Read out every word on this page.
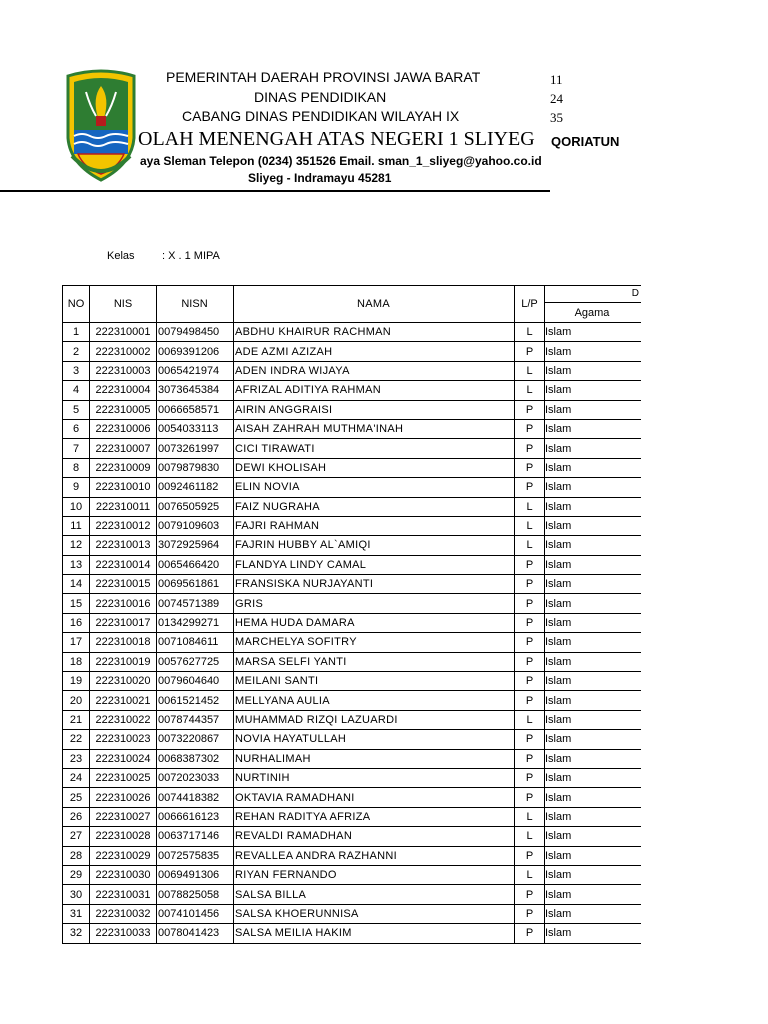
PEMERINTAH DAERAH PROVINSI JAWA BARAT
DINAS PENDIDIKAN
CABANG DINAS PENDIDIKAN WILAYAH IX
OLAH MENENGAH ATAS NEGERI 1 SLIYEG
aya Sleman Telepon (0234) 351526 Email. sman_1_sliyeg@yahoo.co.id
Sliyeg - Indramayu 45281
11
24
35
QORIATUN
Kelas : X . 1 MIPA
NO	NIS	NISN	NAMA	L/P	D
					Agama
1	222310001	0079498450	ABDHU KHAIRUR RACHMAN	L	Islam
2	222310002	0069391206	ADE AZMI AZIZAH	P	Islam
3	222310003	0065421974	ADEN INDRA WIJAYA	L	Islam
4	222310004	3073645384	AFRIZAL ADITIYA RAHMAN	L	Islam
5	222310005	0066658571	AIRIN ANGGRAISI	P	Islam
6	222310006	0054033113	AISAH ZAHRAH MUTHMA'INAH	P	Islam
7	222310007	0073261997	CICI TIRAWATI	P	Islam
8	222310009	0079879830	DEWI KHOLISAH	P	Islam
9	222310010	0092461182	ELIN NOVIA	P	Islam
10	222310011	0076505925	FAIZ NUGRAHA	L	Islam
11	222310012	0079109603	FAJRI RAHMAN	L	Islam
12	222310013	3072925964	FAJRIN HUBBY AL`AMIQI	L	Islam
13	222310014	0065466420	FLANDYA LINDY CAMAL	P	Islam
14	222310015	0069561861	FRANSISKA NURJAYANTI	P	Islam
15	222310016	0074571389	GRIS	P	Islam
16	222310017	0134299271	HEMA HUDA DAMARA	P	Islam
17	222310018	0071084611	MARCHELYA SOFITRY	P	Islam
18	222310019	0057627725	MARSA SELFI YANTI	P	Islam
19	222310020	0079604640	MEILANI SANTI	P	Islam
20	222310021	0061521452	MELLYANA AULIA	P	Islam
21	222310022	0078744357	MUHAMMAD RIZQI LAZUARDI	L	Islam
22	222310023	0073220867	NOVIA HAYATULLAH	P	Islam
23	222310024	0068387302	NURHALIMAH	P	Islam
24	222310025	0072023033	NURTINIH	P	Islam
25	222310026	0074418382	OKTAVIA RAMADHANI	P	Islam
26	222310027	0066616123	REHAN RADITYA AFRIZA	L	Islam
27	222310028	0063717146	REVALDI RAMADHAN	L	Islam
28	222310029	0072575835	REVALLEA ANDRA RAZHANNI	P	Islam
29	222310030	0069491306	RIYAN FERNANDO	L	Islam
30	222310031	0078825058	SALSA BILLA	P	Islam
31	222310032	0074101456	SALSA KHOERUNNISA	P	Islam
32	222310033	0078041423	SALSA MEILIA HAKIM	P	Islam
